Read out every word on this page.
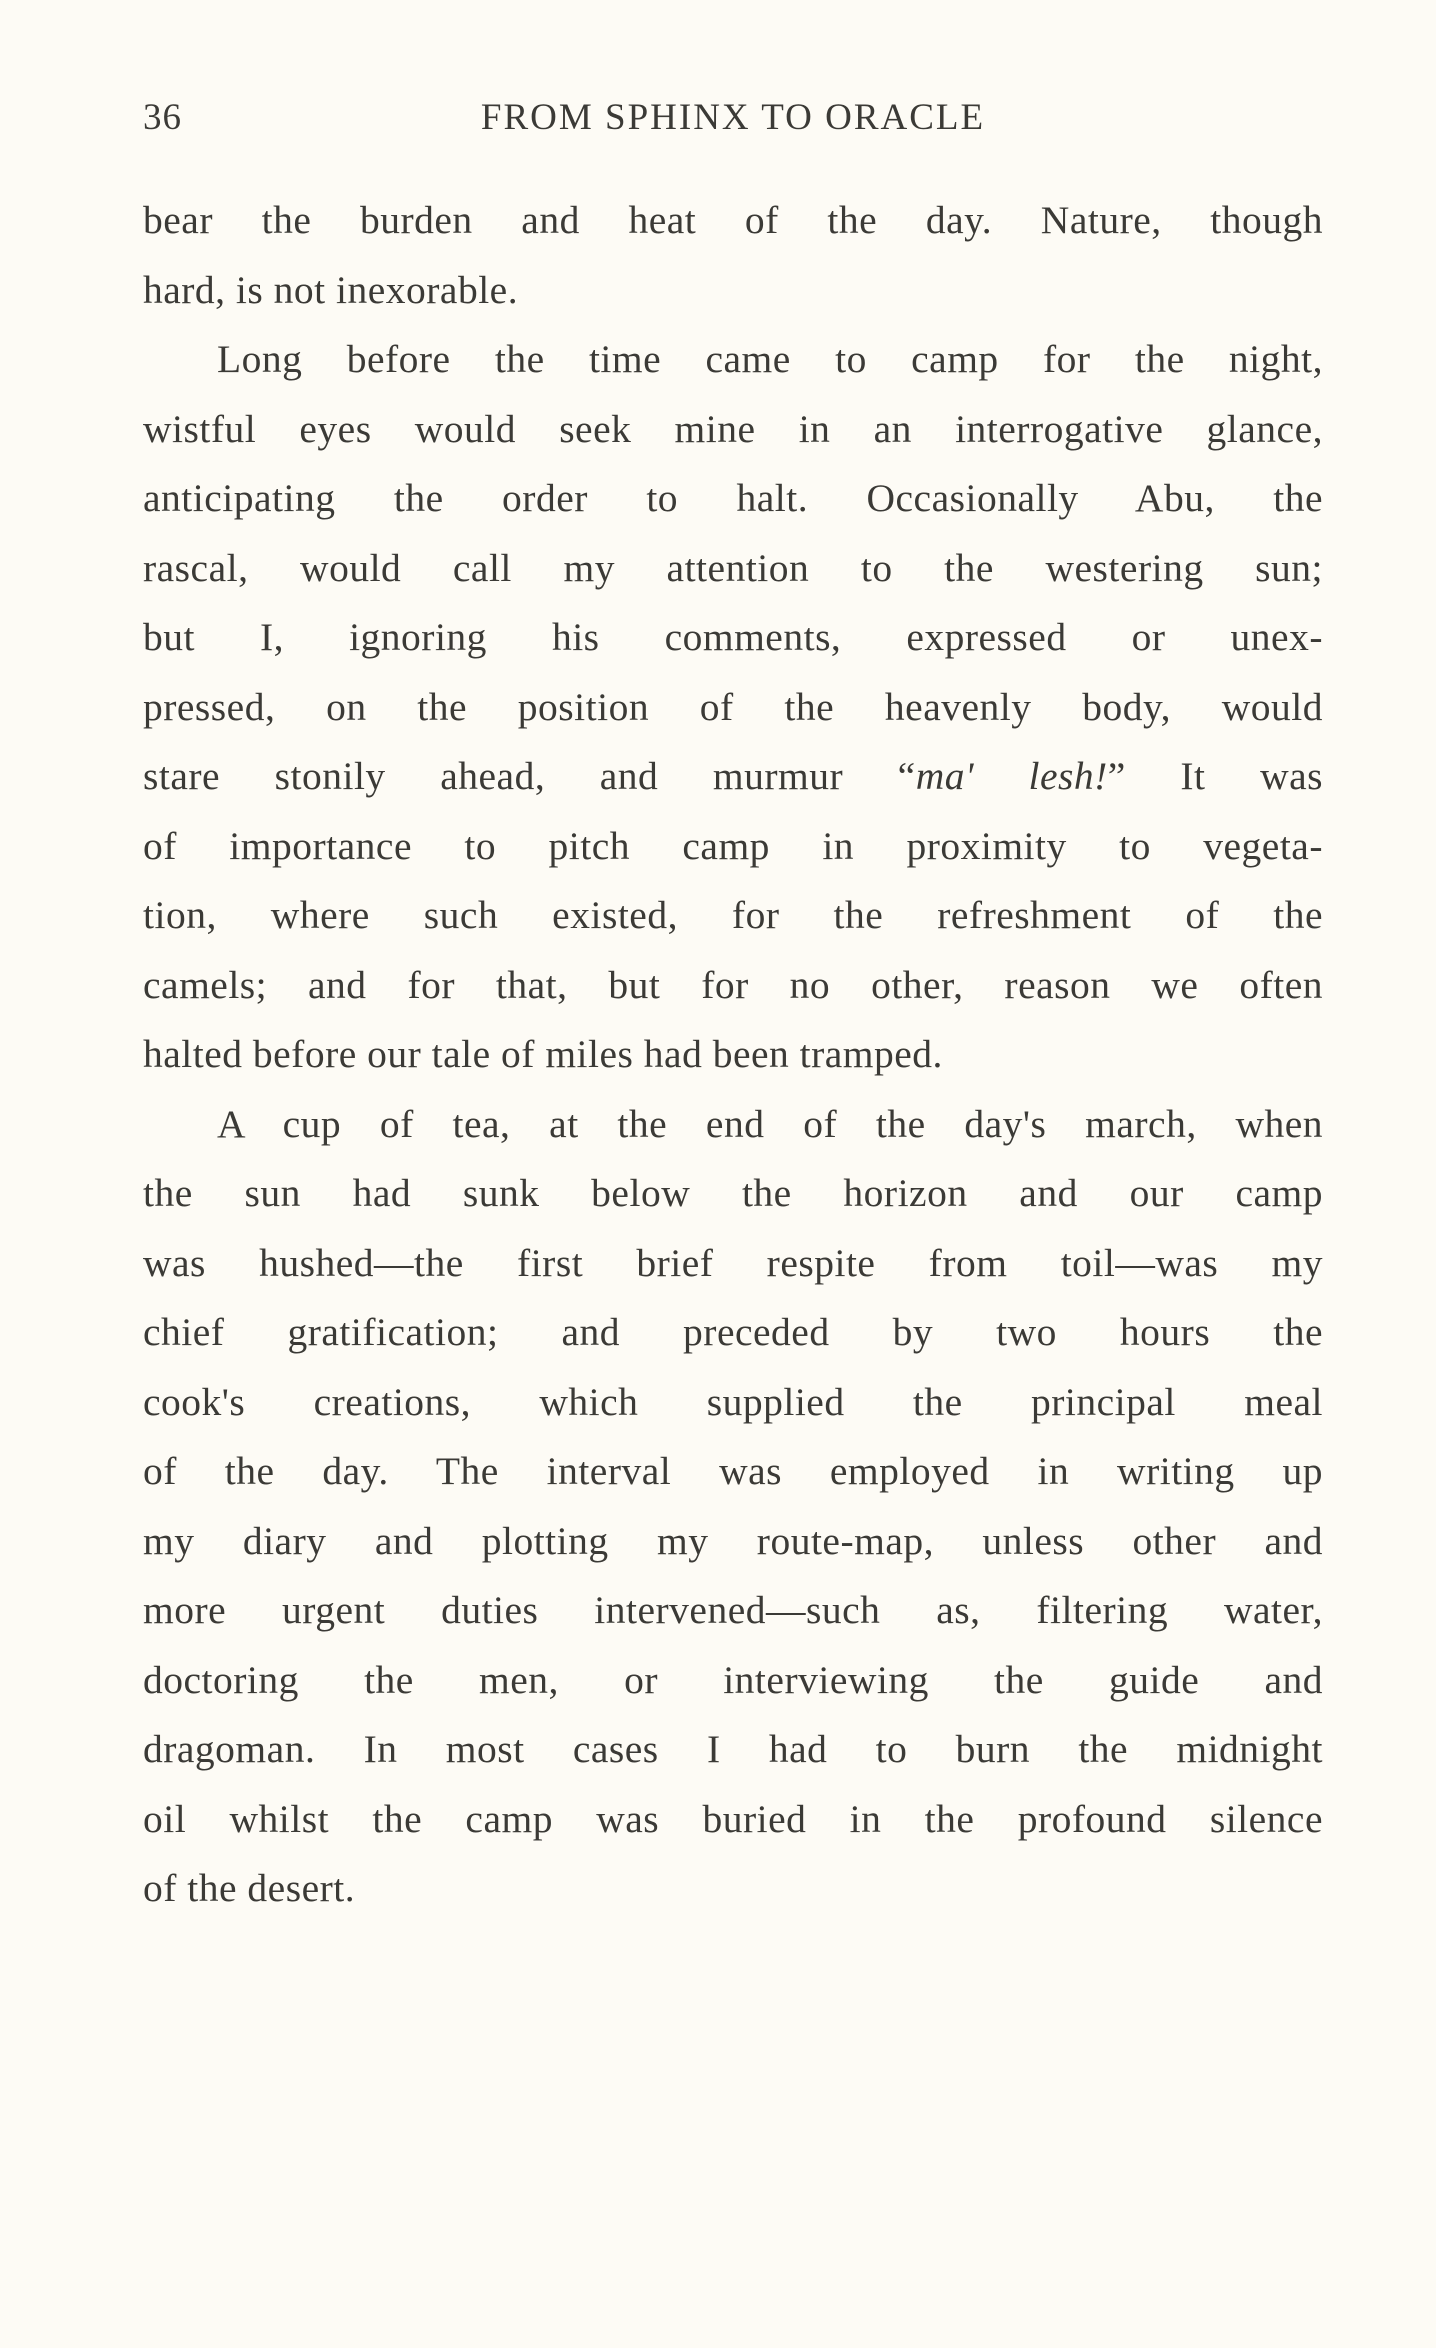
36	FROM SPHINX TO ORACLE
bear the burden and heat of the day. Nature, though
hard, is not inexorable.
Long before the time came to camp for the night,
wistful eyes would seek mine in an interrogative glance,
anticipating the order to halt. Occasionally Abu, the
rascal, would call my attention to the westering sun;
but I, ignoring his comments, expressed or unex-
pressed, on the position of the heavenly body, would
stare stonily ahead, and murmur “ma' lesh!” It was
of importance to pitch camp in proximity to vegeta-
tion, where such existed, for the refreshment of the
camels; and for that, but for no other, reason we often
halted before our tale of miles had been tramped.
A cup of tea, at the end of the day's march, when
the sun had sunk below the horizon and our camp
was hushed—the first brief respite from toil—was my
chief gratification; and preceded by two hours the
cook's creations, which supplied the principal meal
of the day. The interval was employed in writing up
my diary and plotting my route-map, unless other and
more urgent duties intervened—such as, filtering water,
doctoring the men, or interviewing the guide and
dragoman. In most cases I had to burn the midnight
oil whilst the camp was buried in the profound silence
of the desert.
